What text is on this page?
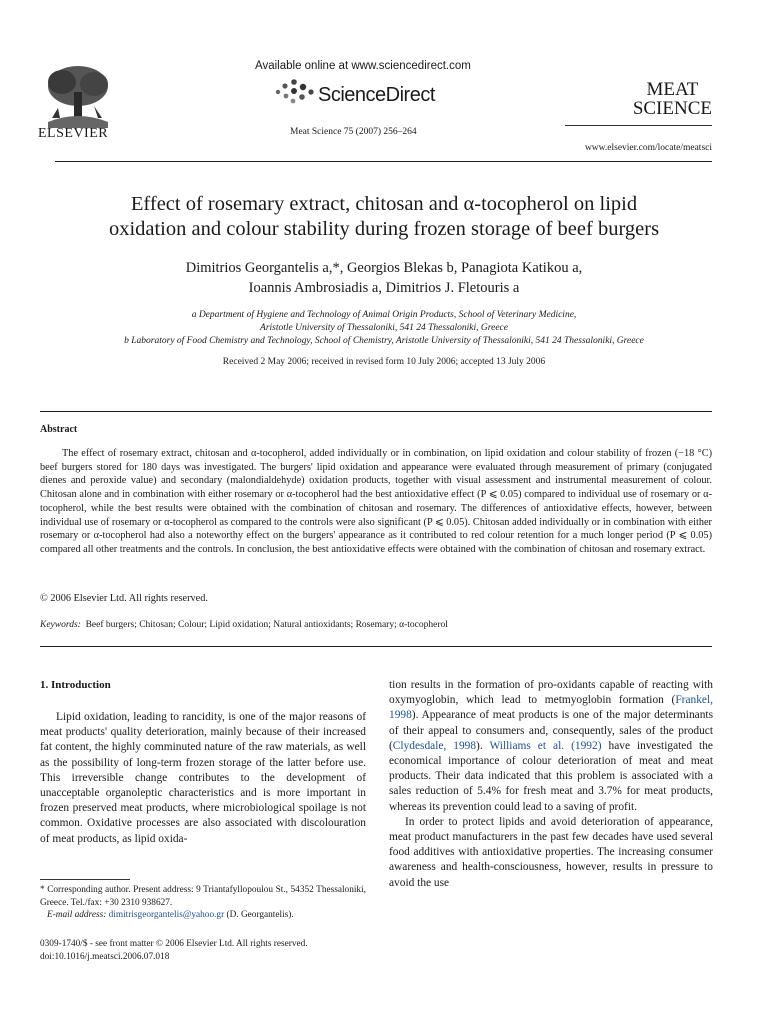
ELSEVIER
Available online at www.sciencedirect.com
ScienceDirect
Meat Science 75 (2007) 256–264
MEAT
SCIENCE
www.elsevier.com/locate/meatsci
Effect of rosemary extract, chitosan and α-tocopherol on lipid
oxidation and colour stability during frozen storage of beef burgers
Dimitrios Georgantelis a,*, Georgios Blekas b, Panagiota Katikou a,
Ioannis Ambrosiadis a, Dimitrios J. Fletouris a
a Department of Hygiene and Technology of Animal Origin Products, School of Veterinary Medicine,
Aristotle University of Thessaloniki, 541 24 Thessaloniki, Greece
b Laboratory of Food Chemistry and Technology, School of Chemistry, Aristotle University of Thessaloniki, 541 24 Thessaloniki, Greece
Received 2 May 2006; received in revised form 10 July 2006; accepted 13 July 2006
Abstract
The effect of rosemary extract, chitosan and α-tocopherol, added individually or in combination, on lipid oxidation and colour stability of frozen (−18 °C) beef burgers stored for 180 days was investigated. The burgers' lipid oxidation and appearance were evaluated through measurement of primary (conjugated dienes and peroxide value) and secondary (malondialdehyde) oxidation products, together with visual assessment and instrumental measurement of colour. Chitosan alone and in combination with either rosemary or α-tocopherol had the best antioxidative effect (P ⩽ 0.05) compared to individual use of rosemary or α-tocopherol, while the best results were obtained with the combination of chitosan and rosemary. The differences of antioxidative effects, however, between individual use of rosemary or α-tocopherol as compared to the controls were also significant (P ⩽ 0.05). Chitosan added individually or in combination with either rosemary or α-tocopherol had also a noteworthy effect on the burgers' appearance as it contributed to red colour retention for a much longer period (P ⩽ 0.05) compared all other treatments and the controls. In conclusion, the best antioxidative effects were obtained with the combination of chitosan and rosemary extract.
© 2006 Elsevier Ltd. All rights reserved.
Keywords: Beef burgers; Chitosan; Colour; Lipid oxidation; Natural antioxidants; Rosemary; α-tocopherol
1. Introduction
Lipid oxidation, leading to rancidity, is one of the major reasons of meat products' quality deterioration, mainly because of their increased fat content, the highly comminuted nature of the raw materials, as well as the possibility of long-term frozen storage of the latter before use. This irreversible change contributes to the development of unacceptable organoleptic characteristics and is more important in frozen preserved meat products, where microbiological spoilage is not common. Oxidative processes are also associated with discolouration of meat products, as lipid oxida-

tion results in the formation of pro-oxidants capable of reacting with oxymyoglobin, which lead to metmyoglobin formation (Frankel, 1998). Appearance of meat products is one of the major determinants of their appeal to consumers and, consequently, sales of the product (Clydesdale, 1998). Williams et al. (1992) have investigated the economical importance of colour deterioration of meat and meat products. Their data indicated that this problem is associated with a sales reduction of 5.4% for fresh meat and 3.7% for meat products, whereas its prevention could lead to a saving of profit.

In order to protect lipids and avoid deterioration of appearance, meat product manufacturers in the past few decades have used several food additives with antioxidative properties. The increasing consumer awareness and health-consciousness, however, results in pressure to avoid the use

* Corresponding author. Present address: 9 Triantafyllopoulou St., 54352 Thessaloniki, Greece. Tel./fax: +30 2310 938627.
E-mail address: dimitrisgeorgantelis@yahoo.gr (D. Georgantelis).
0309-1740/$ - see front matter © 2006 Elsevier Ltd. All rights reserved.
doi:10.1016/j.meatsci.2006.07.018
